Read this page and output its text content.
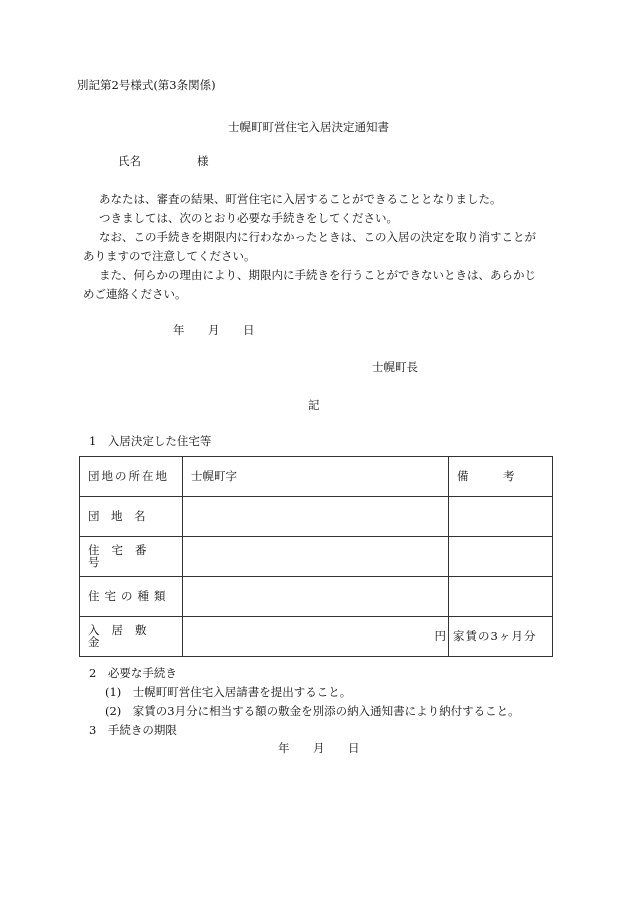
別記第2号様式(第3条関係)
士幌町町営住宅入居決定通知書
氏名	様
あなたは、審査の結果、町営住宅に入居することができることとなりました。
つきましては、次のとおり必要な手続きをしてください。
なお、この手続きを期限内に行わなかったときは、この入居の決定を取り消すことが
ありますので注意してください。
また、何らかの理由により、期限内に手続きを行うことができないときは、あらかじ
めご連絡ください。
年 月 日
士幌町長
記
1　入居決定した住宅等
団地の所在地	士幌町字	備　　　考
団　地　名		
住宅番号		
住宅の種類		
入居敷金	円	家賃の3ヶ月分
2　必要な手続き
(1)　士幌町町営住宅入居請書を提出すること。
(2)　家賃の3月分に相当する額の敷金を別添の納入通知書により納付すること。
3　手続きの期限
年 月 日
